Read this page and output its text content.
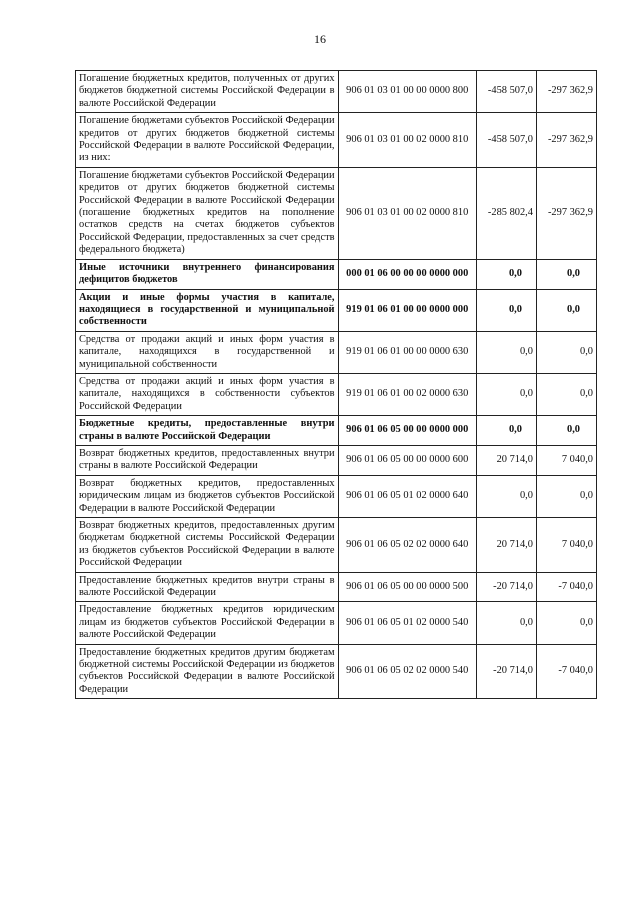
16
Погашение бюджетных кредитов, полученных от других бюджетов бюджетной системы Российской Федерации в валюте Российской Федерации	906 01 03 01 00 00 0000 800	-458 507,0	-297 362,9
Погашение бюджетами субъектов Российской Федерации кредитов от других бюджетов бюджетной системы Российской Федерации в валюте Российской Федерации, из них:	906 01 03 01 00 02 0000 810	-458 507,0	-297 362,9
Погашение бюджетами субъектов Российской Федерации кредитов от других бюджетов бюджетной системы Российской Федерации в валюте Российской Федерации (погашение бюджетных кредитов на пополнение остатков средств на счетах бюджетов субъектов Российской Федерации, предоставленных за счет средств федерального бюджета)	906 01 03 01 00 02 0000 810	-285 802,4	-297 362,9
Иные источники внутреннего финансирования дефицитов бюджетов	000 01 06 00 00 00 0000 000	0,0	0,0
Акции и иные формы участия в капитале, находящиеся в государственной и муниципальной собственности	919 01 06 01 00 00 0000 000	0,0	0,0
Средства от продажи акций и иных форм участия в капитале, находящихся в государственной и муниципальной собственности	919 01 06 01 00 00 0000 630	0,0	0,0
Средства от продажи акций и иных форм участия в капитале, находящихся в собственности субъектов Российской Федерации	919 01 06 01 00 02 0000 630	0,0	0,0
Бюджетные кредиты, предоставленные внутри страны в валюте Российской Федерации	906 01 06 05 00 00 0000 000	0,0	0,0
Возврат бюджетных кредитов, предоставленных внутри страны в валюте Российской Федерации	906 01 06 05 00 00 0000 600	20 714,0	7 040,0
Возврат бюджетных кредитов, предоставленных юридическим лицам из бюджетов субъектов Российской Федерации в валюте Российской Федерации	906 01 06 05 01 02 0000 640	0,0	0,0
Возврат бюджетных кредитов, предоставленных другим бюджетам бюджетной системы Российской Федерации из бюджетов субъектов Российской Федерации в валюте Российской Федерации	906 01 06 05 02 02 0000 640	20 714,0	7 040,0
Предоставление бюджетных кредитов внутри страны в валюте Российской Федерации	906 01 06 05 00 00 0000 500	-20 714,0	-7 040,0
Предоставление бюджетных кредитов юридическим лицам из бюджетов субъектов Российской Федерации в валюте Российской Федерации	906 01 06 05 01 02 0000 540	0,0	0,0
Предоставление бюджетных кредитов другим бюджетам бюджетной системы Российской Федерации из бюджетов субъектов Российской Федерации в валюте Российской Федерации	906 01 06 05 02 02 0000 540	-20 714,0	-7 040,0
